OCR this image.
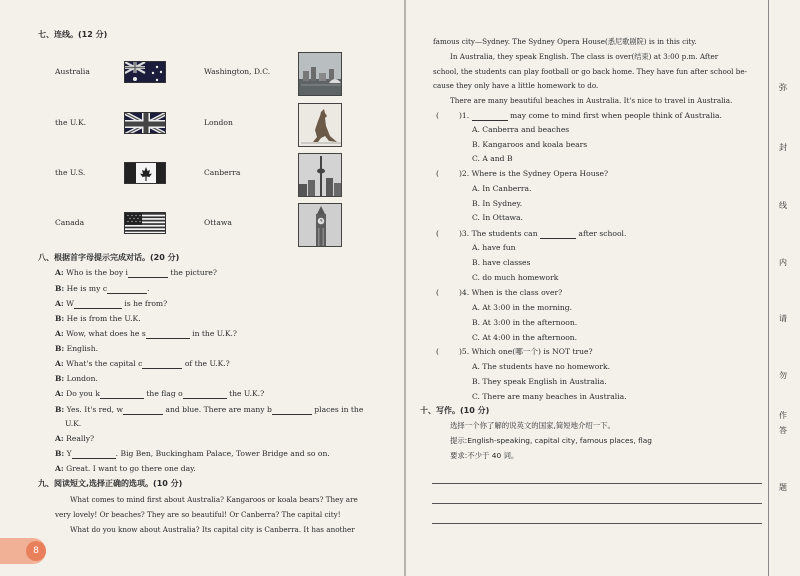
七、连线。(12 分)
Australia
the U.K.
the U.S.
Canada
Washington, D.C.
London
Canberra
Ottawa
八、根据首字母提示完成对话。(20 分)
A: Who is the boy i	the picture?
B: He is my c	.
A: W	is he from?
B: He is from the U.K.
A: Wow, what does he s	in the U.K.?
B: English.
A: What's the capital c	of the U.K.?
B: London.
A: Do you k	the flag o	the U.K.?
B: Yes. It's red, w	and blue. There are many b	places in the
U.K.
A: Really?
B: Y	. Big Ben, Buckingham Palace, Tower Bridge and so on.
A: Great. I want to go there one day.
九、阅读短文,选择正确的选项。(10 分)
What comes to mind first about Australia? Kangaroos or koala bears? They are
very lovely! Or beaches? They are so beautiful! Or Canberra? The capital city!
What do you know about Australia? Its capital city is Canberra. It has another
8
famous city—Sydney. The Sydney Opera House(悉尼歌剧院) is in this city.
In Australia, they speak English. The class is over(结束) at 3:00 p.m. After
school, the students can play football or go back home. They have fun after school be-
cause they only have a little homework to do.
There are many beautiful beaches in Australia. It's nice to travel in Australia.
(	)1.	may come to mind first when people think of Australia.
A. Canberra and beaches
B. Kangaroos and koala bears
C. A and B
(	)2. Where is the Sydney Opera House?
A. In Canberra.
B. In Sydney.
C. In Ottawa.
(	)3. The students can	after school.
A. have fun
B. have classes
C. do much homework
(	)4. When is the class over?
A. At 3:00 in the morning.
B. At 3:00 in the afternoon.
C. At 4:00 in the afternoon.
(	)5. Which one(哪一个) is NOT true?
A. The students have no homework.
B. They speak English in Australia.
C. There are many beaches in Australia.
十、写作。(10 分)
选择一个你了解的说英文的国家,简短地介绍一下。
提示:English-speaking, capital city, famous places, flag
要求:不少于 40 词。
弥
封
线
内
请
勿
作
答
题
